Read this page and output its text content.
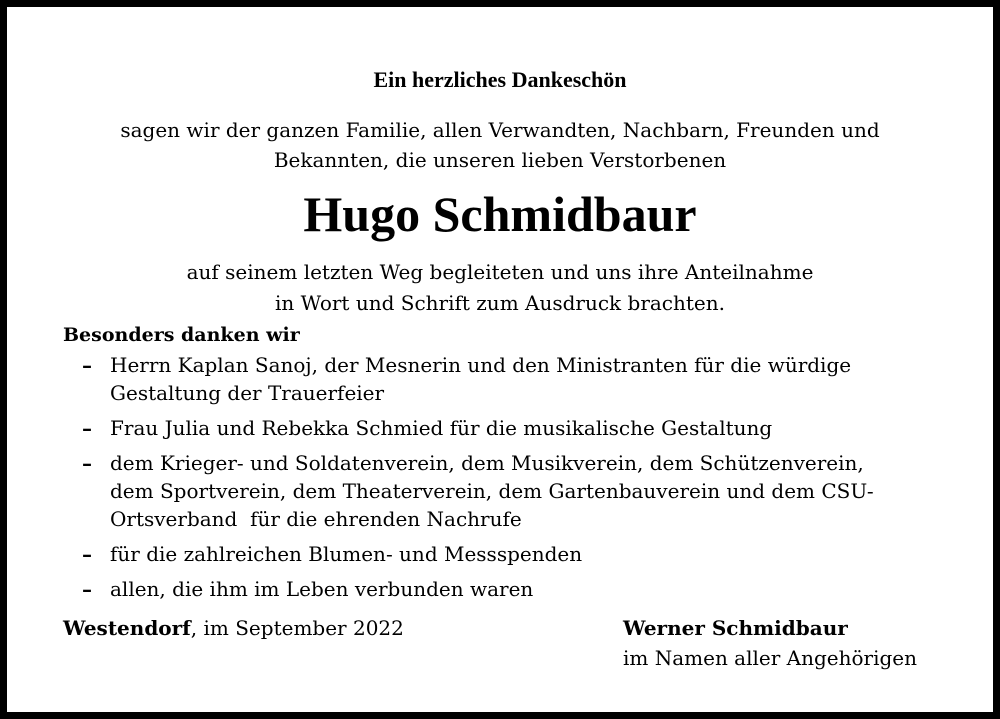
Ein herzliches Dankeschön
sagen wir der ganzen Familie, allen Verwandten, Nachbarn, Freunden und
Bekannten, die unseren lieben Verstorbenen
Hugo Schmidbaur
auf seinem letzten Weg begleiteten und uns ihre Anteilnahme
in Wort und Schrift zum Ausdruck brachten.
Besonders danken wir
– Herrn Kaplan Sanoj, der Mesnerin und den Ministranten für die würdige
Gestaltung der Trauerfeier
– Frau Julia und Rebekka Schmied für die musikalische Gestaltung
– dem Krieger- und Soldatenverein, dem Musikverein, dem Schützenverein,
dem Sportverein, dem Theaterverein, dem Gartenbauverein und dem CSU-
Ortsverband  für die ehrenden Nachrufe
– für die zahlreichen Blumen- und Messspenden
– allen, die ihm im Leben verbunden waren
Westendorf, im September 2022	Werner Schmidbaur
im Namen aller Angehörigen
